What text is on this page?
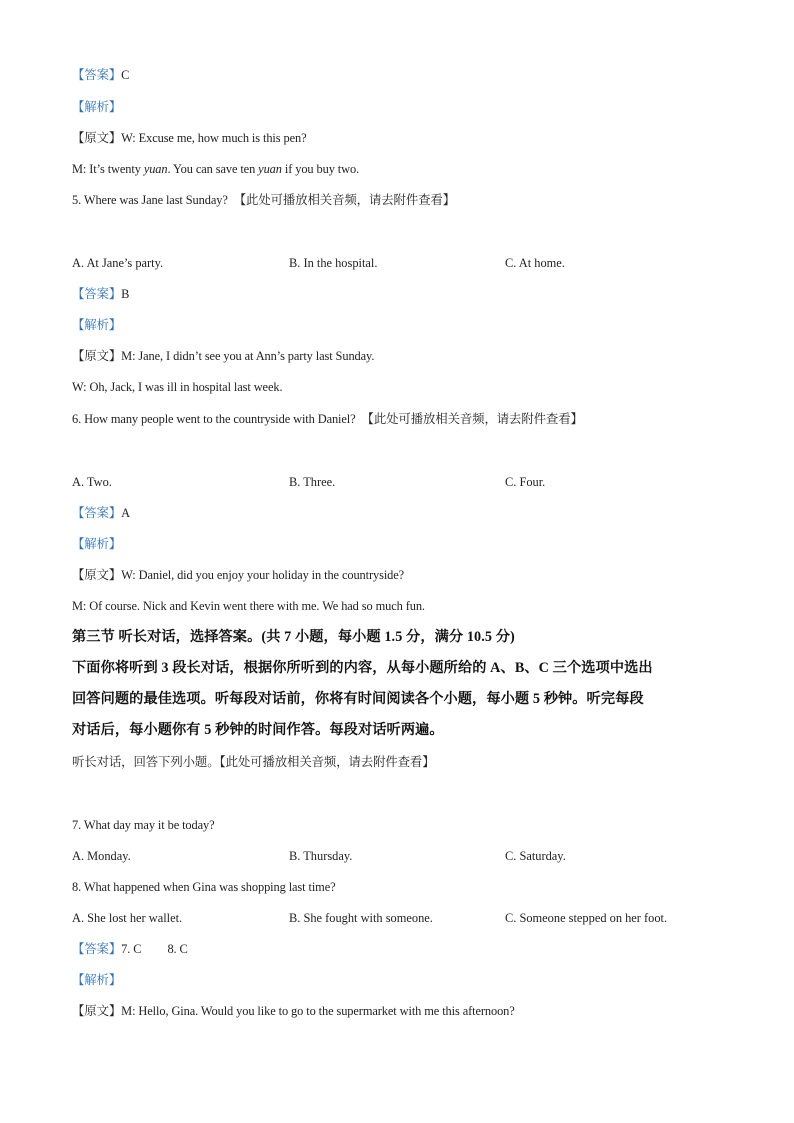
【答案】C
【解析】
【原文】W: Excuse me, how much is this pen?
M: It’s twenty yuan. You can save ten yuan if you buy two.
5. Where was Jane last Sunday? 【此处可播放相关音频，请去附件查看】
A. At Jane’s party.	B. In the hospital.	C. At home.
【答案】B
【解析】
【原文】M: Jane, I didn’t see you at Ann’s party last Sunday.
W: Oh, Jack, I was ill in hospital last week.
6. How many people went to the countryside with Daniel? 【此处可播放相关音频，请去附件查看】
A. Two.	B. Three.	C. Four.
【答案】A
【解析】
【原文】W: Daniel, did you enjoy your holiday in the countryside?
M: Of course. Nick and Kevin went there with me. We had so much fun.
第三节 听长对话，选择答案。(共 7 小题，每小题 1.5 分，满分 10.5 分)
下面你将听到 3 段长对话，根据你所听到的内容，从每小题所给的 A、B、C 三个选项中选出
回答问题的最佳选项。听每段对话前，你将有时间阅读各个小题，每小题 5 秒钟。听完每段
对话后，每小题你有 5 秒钟的时间作答。每段对话听两遍。
听长对话，回答下列小题。【此处可播放相关音频，请去附件查看】
7. What day may it be today?
A. Monday.	B. Thursday.	C. Saturday.
8. What happened when Gina was shopping last time?
A. She lost her wallet.	B. She fought with someone.	C. Someone stepped on her foot.
【答案】7. C 8. C
【解析】
【原文】M: Hello, Gina. Would you like to go to the supermarket with me this afternoon?
